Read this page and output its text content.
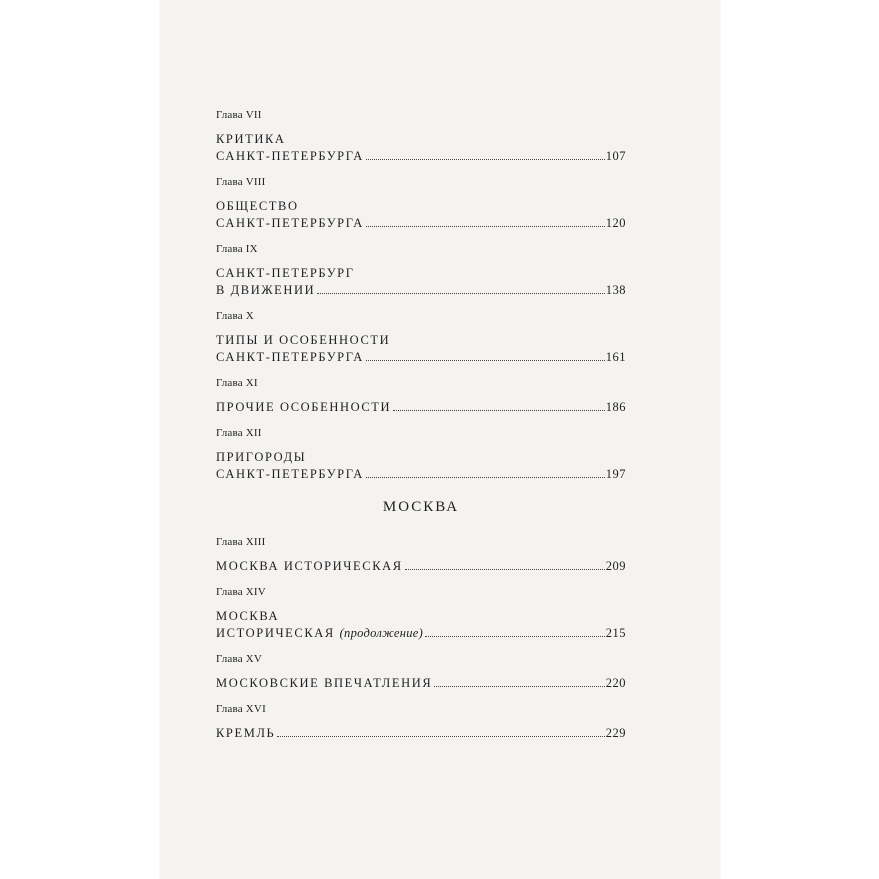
Глава VII
КРИТИКА
САНКТ-ПЕТЕРБУРГА	107
Глава VIII
ОБЩЕСТВО
САНКТ-ПЕТЕРБУРГА	120
Глава IX
САНКТ-ПЕТЕРБУРГ
В ДВИЖЕНИИ	138
Глава X
ТИПЫ И ОСОБЕННОСТИ
САНКТ-ПЕТЕРБУРГА	161
Глава XI
ПРОЧИЕ ОСОБЕННОСТИ	186
Глава XII
ПРИГОРОДЫ
САНКТ-ПЕТЕРБУРГА	197
МОСКВА
Глава XIII
МОСКВА ИСТОРИЧЕСКАЯ	209
Глава XIV
МОСКВА
ИСТОРИЧЕСКАЯ (продолжение)	215
Глава XV
МОСКОВСКИЕ ВПЕЧАТЛЕНИЯ	220
Глава XVI
КРЕМЛЬ	229
